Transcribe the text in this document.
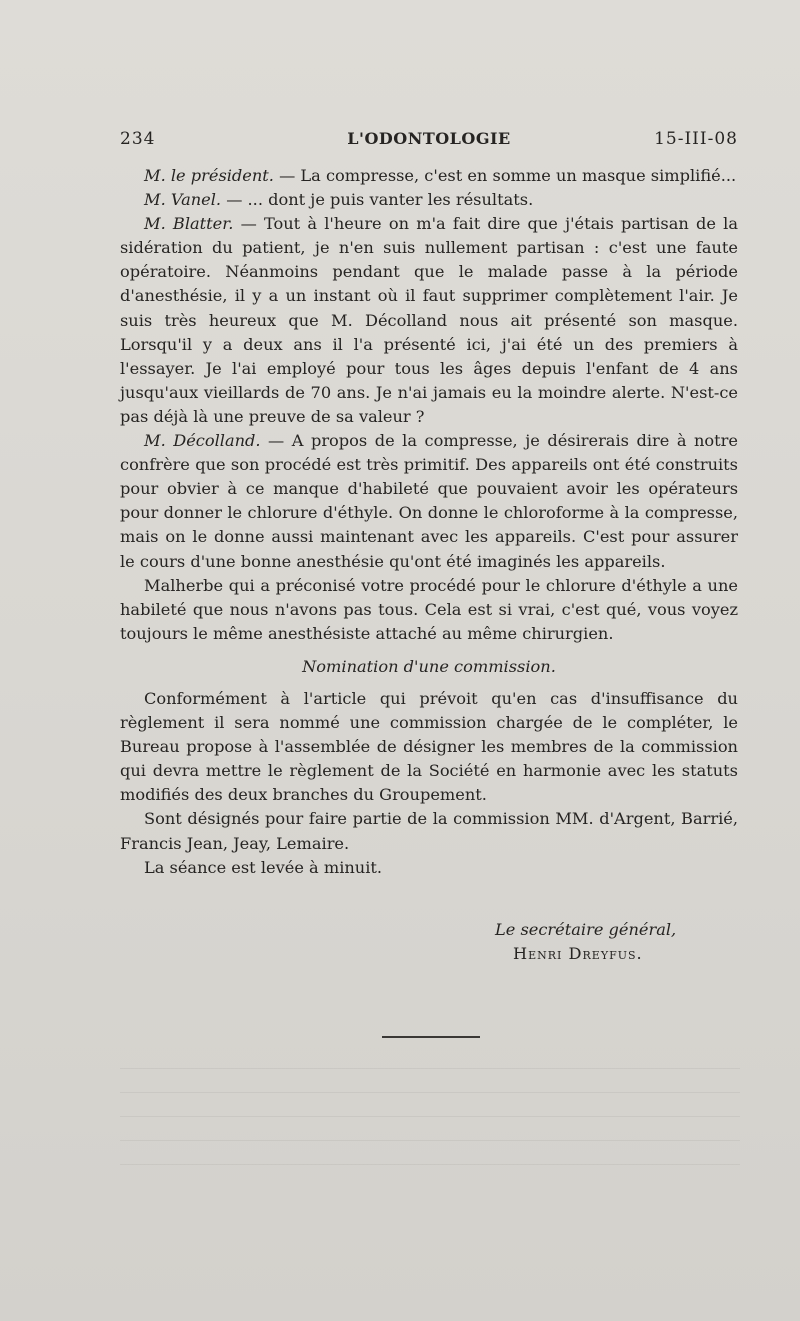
234	L'ODONTOLOGIE	15-III-08

M. le président. — La compresse, c'est en somme un masque simplifié...

M. Vanel. — ... dont je puis vanter les résultats.

M. Blatter. — Tout à l'heure on m'a fait dire que j'étais partisan de la sidération du patient, je n'en suis nullement partisan : c'est une faute opératoire. Néanmoins pendant que le malade passe à la période d'anesthésie, il y a un instant où il faut supprimer complètement l'air. Je suis très heureux que M. Décolland nous ait présenté son masque. Lorsqu'il y a deux ans il l'a présenté ici, j'ai été un des premiers à l'essayer. Je l'ai employé pour tous les âges depuis l'enfant de 4 ans jusqu'aux vieillards de 70 ans. Je n'ai jamais eu la moindre alerte. N'est-ce pas déjà là une preuve de sa valeur ?

M. Décolland. — A propos de la compresse, je désirerais dire à notre confrère que son procédé est très primitif. Des appareils ont été construits pour obvier à ce manque d'habileté que pouvaient avoir les opérateurs pour donner le chlorure d'éthyle. On donne le chloroforme à la compresse, mais on le donne aussi maintenant avec les appareils. C'est pour assurer le cours d'une bonne anesthésie qu'ont été imaginés les appareils.

Malherbe qui a préconisé votre procédé pour le chlorure d'éthyle a une habileté que nous n'avons pas tous. Cela est si vrai, c'est qué, vous voyez toujours le même anesthésiste attaché au même chirurgien.

Nomination d'une commission.

Conformément à l'article qui prévoit qu'en cas d'insuffisance du règlement il sera nommé une commission chargée de le compléter, le Bureau propose à l'assemblée de désigner les membres de la commission qui devra mettre le règlement de la Société en harmonie avec les statuts modifiés des deux branches du Groupement.

Sont désignés pour faire partie de la commission MM. d'Argent, Barrié, Francis Jean, Jeay, Lemaire.

La séance est levée à minuit.

Le secrétaire général,
Henri Dreyfus.
